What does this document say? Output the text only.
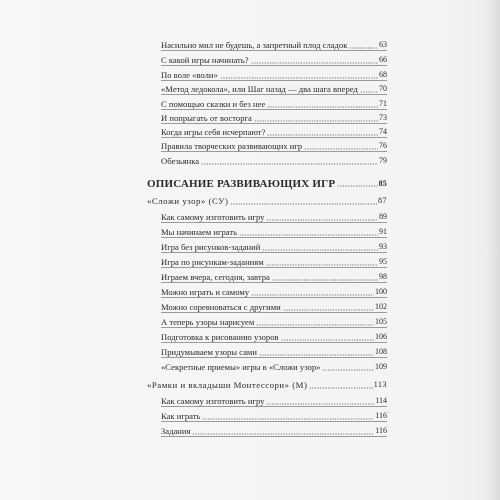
Насильно мил не будешь, а запретный плод сладок	63
С какой игры начинать?	66
По воле «воли»	68
«Метод ледокола», или Шаг назад — два шага вперед	70
С помощью сказки и без нее	71
И попрыгать от восторга	73
Когда игры себя исчерпают?	74
Правила творческих развивающих игр	76
Обезьянка	79
ОПИСАНИЕ РАЗВИВАЮЩИХ ИГР	85
«Сложи узор» (СУ)	87
Как самому изготовить игру	89
Мы начинаем играть	91
Игра без рисунков-заданий	93
Игра по рисункам-заданиям	95
Играем вчера, сегодня, завтра	98
Можно играть и самому	100
Можно соревноваться с другими	102
А теперь узоры нарисуем	105
Подготовка к рисованию узоров	106
Придумываем узоры сами	108
«Секретные приемы» игры в «Сложи узор»	109
«Рамки и вкладыши Монтессори» (М)	113
Как самому изготовить игру	114
Как играть	116
Задания	116
